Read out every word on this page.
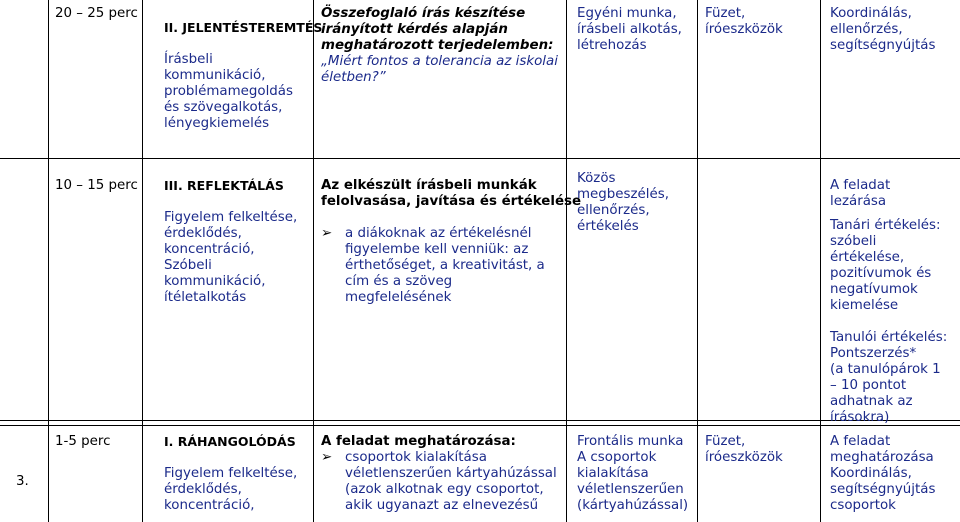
20 – 25 perc
II. JELENTÉSTEREMTÉS
Írásbeli
kommunikáció,
problémamegoldás
és szövegalkotás,
lényegkiemelés
Összefoglaló írás készítése
irányított kérdés alapján
meghatározott terjedelemben:
„Miért fontos a tolerancia az iskolai
életben?”
Egyéni munka,
írásbeli alkotás,
létrehozás
Füzet,
íróeszközök
Koordinálás,
ellenőrzés,
segítségnyújtás
10 – 15 perc III. REFLEKTÁLÁS
Figyelem felkeltése,
érdeklődés,
koncentráció,
Szóbeli
kommunikáció,
ítéletalkotás
Az elkészült írásbeli munkák
felolvasása, javítása és értékelése
➢ a diákoknak az értékelésnél
figyelembe kell venniük: az
érthetőséget, a kreativitást, a
cím és a szöveg
megfelelésének
Közös
megbeszélés,
ellenőrzés,
értékelés
A feladat
lezárása
Tanári értékelés:
szóbeli
értékelése,
pozitívumok és
negatívumok
kiemelése
Tanulói értékelés:
Pontszerzés*
(a tanulópárok 1
– 10 pontot
adhatnak az
írásokra)
3.
1-5 perc	I. RÁHANGOLÓDÁS
Figyelem felkeltése,
érdeklődés,
koncentráció,
A feladat meghatározása:
➢ csoportok kialakítása
véletlenszerűen kártyahúzással
(azok alkotnak egy csoportot,
akik ugyanazt az elnevezésű
Frontális munka
A csoportok
kialakítása
véletlenszerűen
(kártyahúzással)
Füzet,
íróeszközök
A feladat
meghatározása
Koordinálás,
segítségnyújtás
csoportok
